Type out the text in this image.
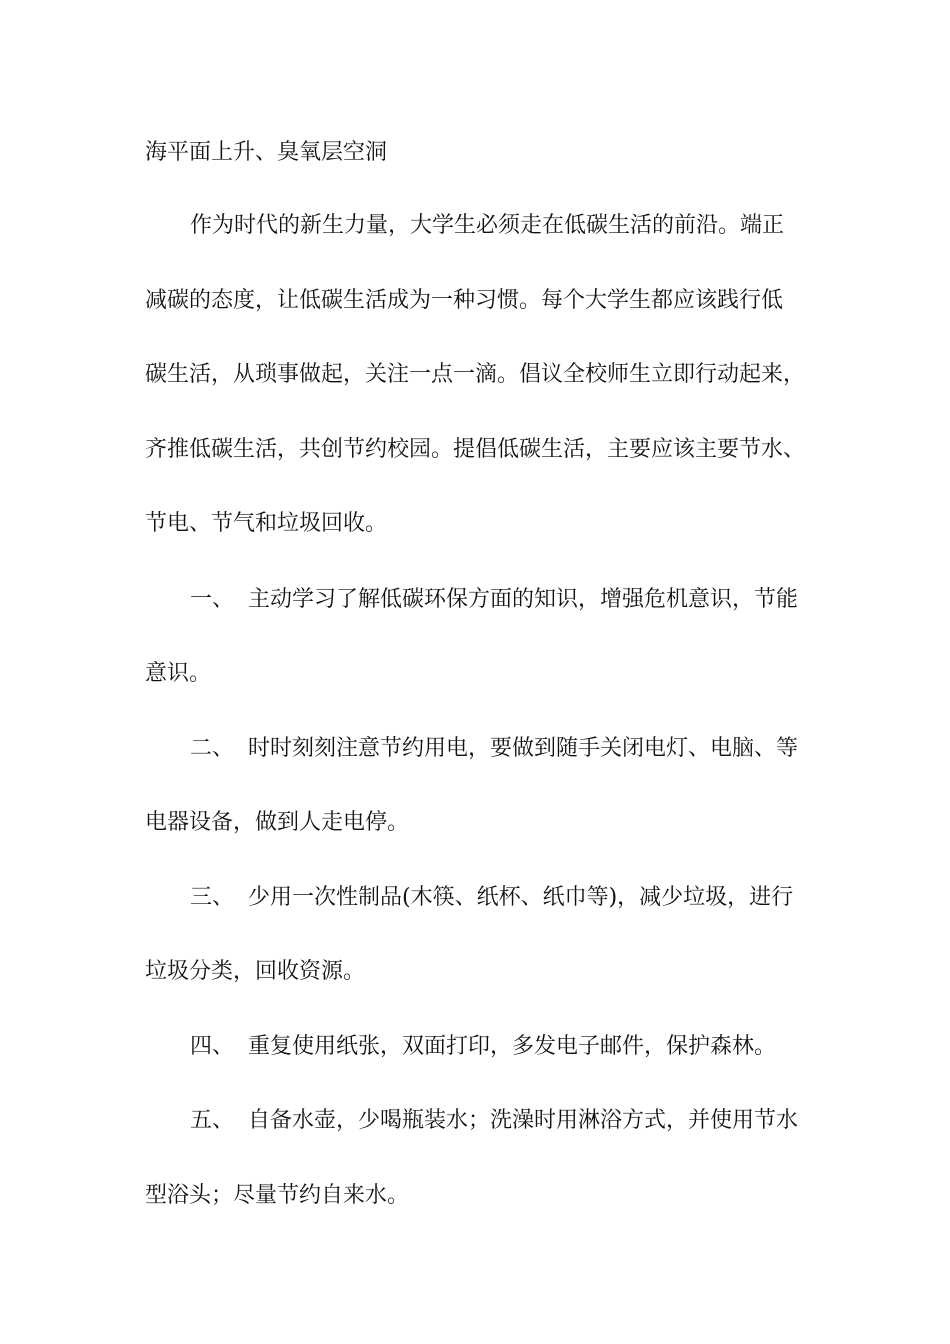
海平面上升、臭氧层空洞

作为时代的新生力量，大学生必须走在低碳生活的前沿。端正

减碳的态度，让低碳生活成为一种习惯。每个大学生都应该践行低

碳生活，从琐事做起，关注一点一滴。倡议全校师生立即行动起来，

齐推低碳生活，共创节约校园。提倡低碳生活，主要应该主要节水、

节电、节气和垃圾回收。

一、 主动学习了解低碳环保方面的知识，增强危机意识，节能

意识。

二、 时时刻刻注意节约用电，要做到随手关闭电灯、电脑、等

电器设备，做到人走电停。

三、 少用一次性制品(木筷、纸杯、纸巾等)，减少垃圾，进行

垃圾分类，回收资源。

四、 重复使用纸张，双面打印，多发电子邮件，保护森林。

五、 自备水壶，少喝瓶装水；洗澡时用淋浴方式，并使用节水

型浴头；尽量节约自来水。
